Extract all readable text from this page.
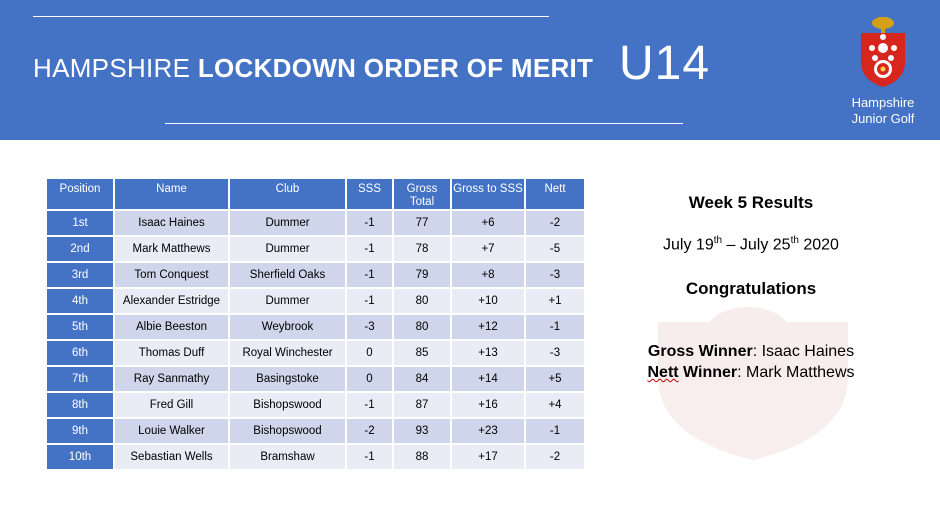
HAMPSHIRE LOCKDOWN ORDER OF MERIT U14
Hampshire
Junior Golf
Position	Name	Club	SSS	Gross Total	Gross to SSS	Nett
1st	Isaac Haines	Dummer	-1	77	+6	-2
2nd	Mark Matthews	Dummer	-1	78	+7	-5
3rd	Tom Conquest	Sherfield Oaks	-1	79	+8	-3
4th	Alexander Estridge	Dummer	-1	80	+10	+1
5th	Albie Beeston	Weybrook	-3	80	+12	-1
6th	Thomas Duff	Royal Winchester	0	85	+13	-3
7th	Ray Sanmathy	Basingstoke	0	84	+14	+5
8th	Fred Gill	Bishopswood	-1	87	+16	+4
9th	Louie Walker	Bishopswood	-2	93	+23	-1
10th	Sebastian Wells	Bramshaw	-1	88	+17	-2
Week 5 Results
July 19th – July 25th 2020
Congratulations
Gross Winner: Isaac Haines
Nett Winner: Mark Matthews
